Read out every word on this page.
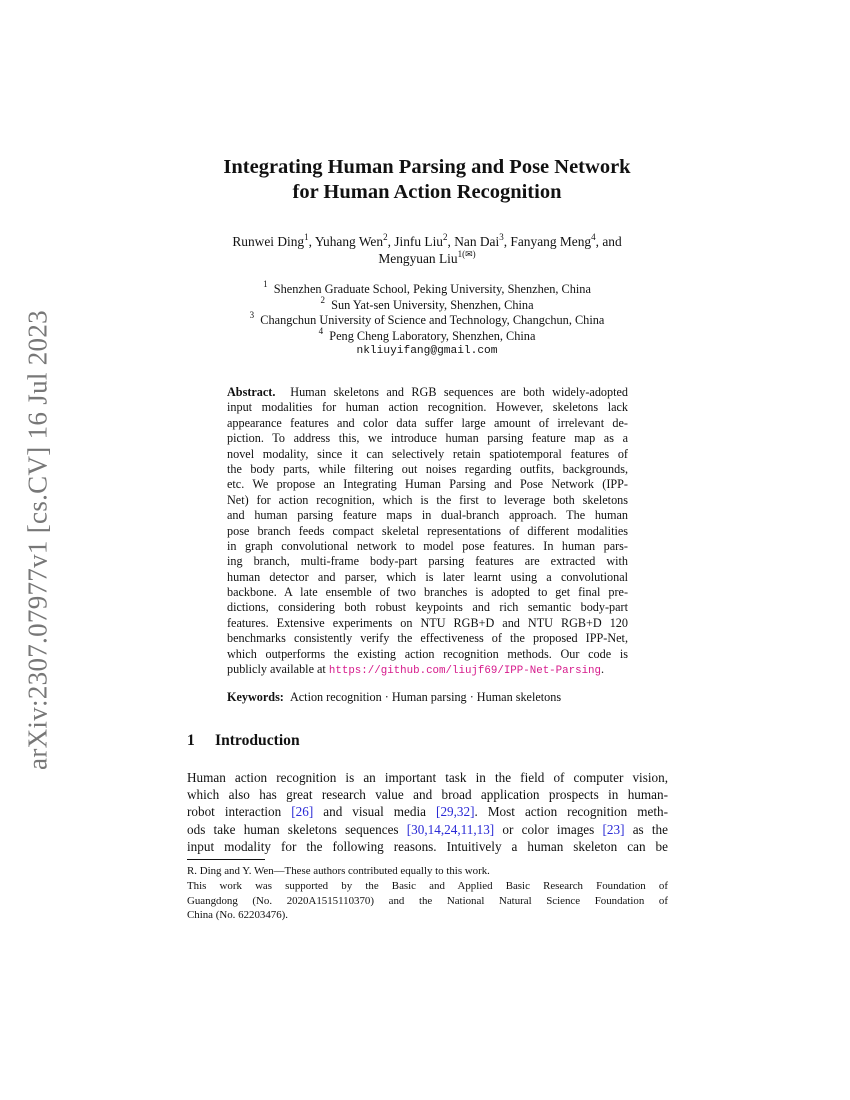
arXiv:2307.07977v1 [cs.CV] 16 Jul 2023
Integrating Human Parsing and Pose Network
for Human Action Recognition
Runwei Ding$^1$, Yuhang Wen$^2$, Jinfu Liu$^2$, Nan Dai$^3$, Fanyang Meng$^4$, and
Mengyuan Liu$^{1(✉)}$
$^1$ Shenzhen Graduate School, Peking University, Shenzhen, China
$^2$ Sun Yat-sen University, Shenzhen, China
$^3$ Changchun University of Science and Technology, Changchun, China
$^4$ Peng Cheng Laboratory, Shenzhen, China
nkliuyifang@gmail.com
Abstract. Human skeletons and RGB sequences are both widely-adopted
input modalities for human action recognition. However, skeletons lack
appearance features and color data suffer large amount of irrelevant de-
piction. To address this, we introduce human parsing feature map as a
novel modality, since it can selectively retain spatiotemporal features of
the body parts, while filtering out noises regarding outfits, backgrounds,
etc. We propose an Integrating Human Parsing and Pose Network (IPP-
Net) for action recognition, which is the first to leverage both skeletons
and human parsing feature maps in dual-branch approach. The human
pose branch feeds compact skeletal representations of different modalities
in graph convolutional network to model pose features. In human pars-
ing branch, multi-frame body-part parsing features are extracted with
human detector and parser, which is later learnt using a convolutional
backbone. A late ensemble of two branches is adopted to get final pre-
dictions, considering both robust keypoints and rich semantic body-part
features. Extensive experiments on NTU RGB+D and NTU RGB+D 120
benchmarks consistently verify the effectiveness of the proposed IPP-Net,
which outperforms the existing action recognition methods. Our code is
publicly available at https://github.com/liujf69/IPP-Net-Parsing.
Keywords: Action recognition · Human parsing · Human skeletons
1 Introduction
Human action recognition is an important task in the field of computer vision,
which also has great research value and broad application prospects in human-
robot interaction [26] and visual media [29,32]. Most action recognition meth-
ods take human skeletons sequences [30,14,24,11,13] or color images [23] as the
input modality for the following reasons. Intuitively a human skeleton can be
R. Ding and Y. Wen—These authors contributed equally to this work.
This work was supported by the Basic and Applied Basic Research Foundation of
Guangdong (No. 2020A1515110370) and the National Natural Science Foundation of
China (No. 62203476).
